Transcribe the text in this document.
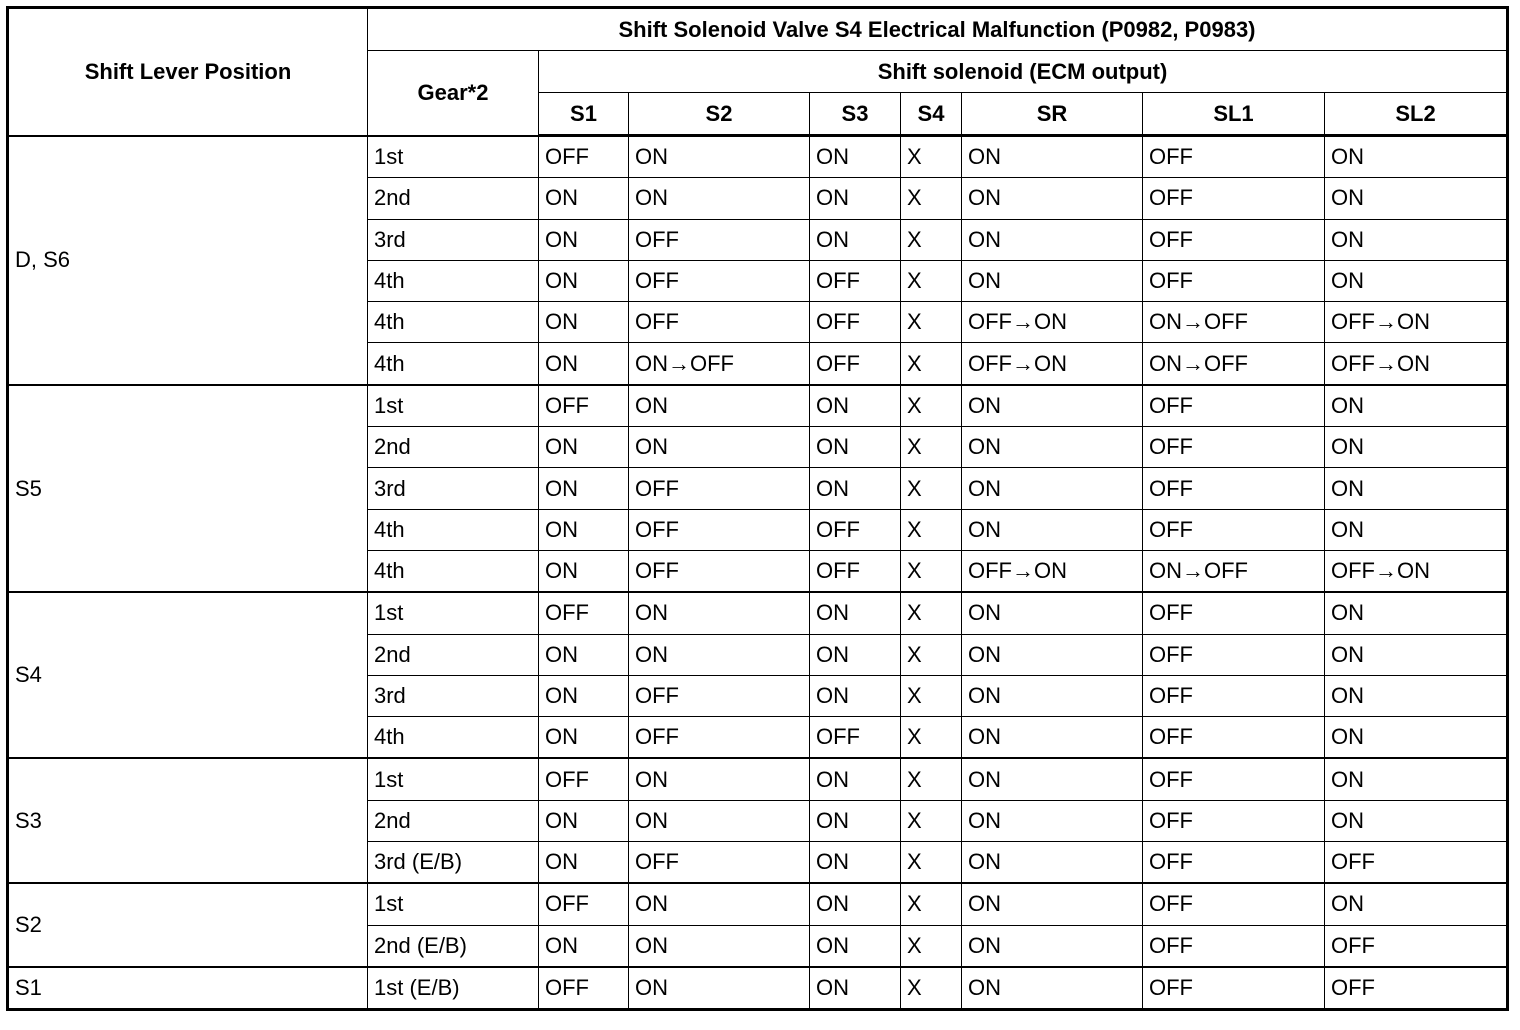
Shift Lever Position	Shift Solenoid Valve S4 Electrical Malfunction (P0982, P0983)							
	Gear*2	Shift solenoid (ECM output)						
		S1	S2	S3	S4	SR	SL1	SL2
D, S6	1st	OFF	ON	ON	X	ON	OFF	ON
	2nd	ON	ON	ON	X	ON	OFF	ON
	3rd	ON	OFF	ON	X	ON	OFF	ON
	4th	ON	OFF	OFF	X	ON	OFF	ON
	4th	ON	OFF	OFF	X	OFF→ON	ON→OFF	OFF→ON
	4th	ON	ON→OFF	OFF	X	OFF→ON	ON→OFF	OFF→ON
S5	1st	OFF	ON	ON	X	ON	OFF	ON
	2nd	ON	ON	ON	X	ON	OFF	ON
	3rd	ON	OFF	ON	X	ON	OFF	ON
	4th	ON	OFF	OFF	X	ON	OFF	ON
	4th	ON	OFF	OFF	X	OFF→ON	ON→OFF	OFF→ON
S4	1st	OFF	ON	ON	X	ON	OFF	ON
	2nd	ON	ON	ON	X	ON	OFF	ON
	3rd	ON	OFF	ON	X	ON	OFF	ON
	4th	ON	OFF	OFF	X	ON	OFF	ON
S3	1st	OFF	ON	ON	X	ON	OFF	ON
	2nd	ON	ON	ON	X	ON	OFF	ON
	3rd (E/B)	ON	OFF	ON	X	ON	OFF	OFF
S2	1st	OFF	ON	ON	X	ON	OFF	ON
	2nd (E/B)	ON	ON	ON	X	ON	OFF	OFF
S1	1st (E/B)	OFF	ON	ON	X	ON	OFF	OFF
